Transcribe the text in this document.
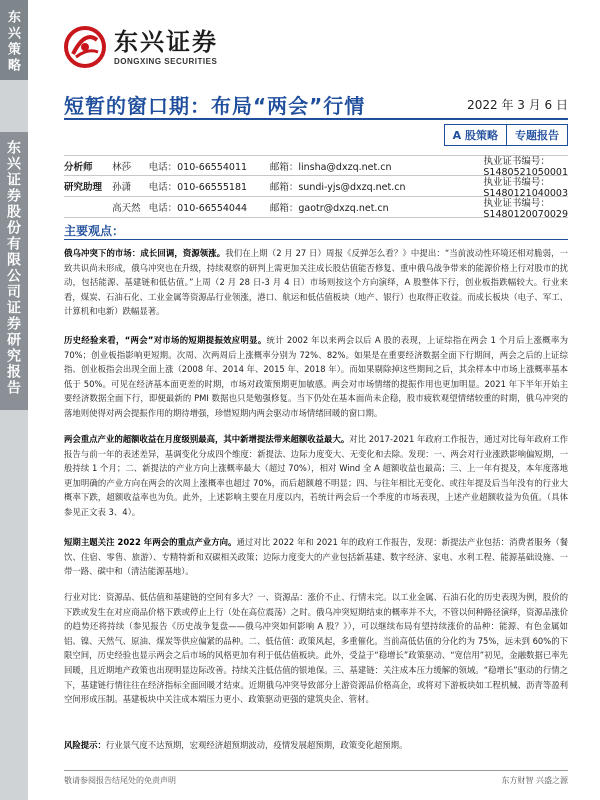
东兴策略
东兴证券股份有限公司证券研究报告
东兴证券
DONGXING SECURITIES
短暂的窗口期：布局“两会”行情	2022 年 3 月 6 日
A 股策略	专题报告
分析师	林莎	电话：010-66554011	邮箱：linsha@dxzq.net.cn	执业证书编号：S1480521050001
研究助理	孙潇	电话：010-66555181	邮箱：sundi-yjs@dxzq.net.cn	执业证书编号：S1480121040003
高天然 电话：010-66554044	邮箱：gaotr@dxzq.net.cn	执业证书编号：S1480120070029
主要观点：
俄乌冲突下的市场：成长回调，资源领涨。我们在上期（2 月 27 日）周报《反弹怎么看？》中提出：“当前波动性环境还相对脆弱，一致共识尚未形成，俄乌冲突也在升级，持续观察的研判上需更加关注成长股估值能否修复、重申俄乌战争带来的能源价格上行对股市的扰动，包括能源、基建链和低估值。”上周（2 月 28 日-3 月 4 日）市场则按这个方向演绎，A 股整体下行，创业板指跌幅较大。行业来看，煤炭、石油石化、工业金属等资源品行业领涨，港口、航运和低估值板块（地产、银行）也取得正收益。而成长板块（电子、军工、计算机和电新）跌幅显著。
历史经验来看，“两会”对市场的短期提振效应明显。统计 2002 年以来两会以后 A 股的表现，上证综指在两会 1 个月后上涨概率为 70%；创业板指影响更短期。次周、次两周后上涨概率分别为 72%、82%。如果是在重要经济数据全面下行期间，两会之后的上证综指、创业板指会出现全面上涨（2008 年、2014 年、2015 年、2018 年）。而如果剔除掉这些期间之后，其余样本中市场上涨概率基本低于 50%。可见在经济基本面更差的时期，市场对政策预期更加敏感。两会对市场情绪的提振作用也更加明显。2021 年下半年开始主要经济数据全面下行，即便最新的 PMI 数据也只是勉强修复。当下仍处在基本面尚未企稳，股市疲软观望情绪较重的时期，俄乌冲突的落地则使得对两会提振作用的期待增强，珍惜短期内两会驱动市场情绪回暖的窗口期。
两会重点产业的超额收益在月度级别最高，其中新增提法带来超额收益最大。对比 2017-2021 年政府工作报告，通过对比每年政府工作报告与前一年的表述差异，基调变化分成四个维度：新提法、边际力度变大、无变化和去除。发现：一、两会对行业涨跌影响偏短期，一般持续 1 个月；二、新提法的产业方向上涨概率最大（超过 70%），相对 Wind 全 A 超额收益也最高；三、上一年有提及，本年度落地更加明确的产业方向在两会的次周上涨概率也超过 70%，而后超额越不明显；四、与往年相比无变化、或往年提及后当年没有的行业大概率下跌，超额收益率也为负。此外，上述影响主要在月度以内，若统计两会后一个季度的市场表现，上述产业超额收益为负值。（具体参见正文表 3、4）。
短期主题关注 2022 年两会的重点产业方向。通过对比 2022 年和 2021 年的政府工作报告，发现：新提法产业包括：消费者服务（餐饮、住宿、零售、旅游）、专精特新和双碳相关政策；边际力度变大的产业包括新基建、数字经济、家电、水利工程、能源基础设施、一带一路、碳中和（清洁能源基地）。
行业对比：资源品、低估值和基建链的空间有多大？一、资源品：涨价不止、行情未完。以工业金属、石油石化的历史表现为例，股价的下跌或发生在对应商品价格下跌或停止上行（处在高位震荡）之时。俄乌冲突短期结束的概率并不大，不管以何种路径演绎，资源品涨价的趋势还将持续（参见报告《历史战争复盘——俄乌冲突如何影响 A 股？》），可以继续布局有望持续涨价的品种：能源、有色金属如铝、镍、天然气、原油、煤炭等供应偏紧的品种。二、低估值：政策风起，多重催化。当前高低估值的分化约为 75%，远未到 60%的下限空间，历史经验也显示两会之后市场的风格更加有利于低估值板块。此外，受益于“稳增长”政策驱动、“宽信用”初见，金融数据已率先回暖，且近期地产政策也出现明显边际改善。持续关注低估值的银地保。三、基建链：关注成本压力缓解的领域。“稳增长”驱动的行情之下，基建链行情往往在经济指标全面回暖才结束。近期俄乌冲突导致部分上游资源品价格高企，或将对下游板块如工程机械、沥青等盈利空间形成压制。基建板块中关注成本端压力更小、政策驱动更强的建筑央企、管材。
风险提示：行业景气度不达预期，宏观经济超预期波动，疫情发展超预期，政策变化超预期。
敬请参阅报告结尾处的免责声明	东方财智 兴盛之源
